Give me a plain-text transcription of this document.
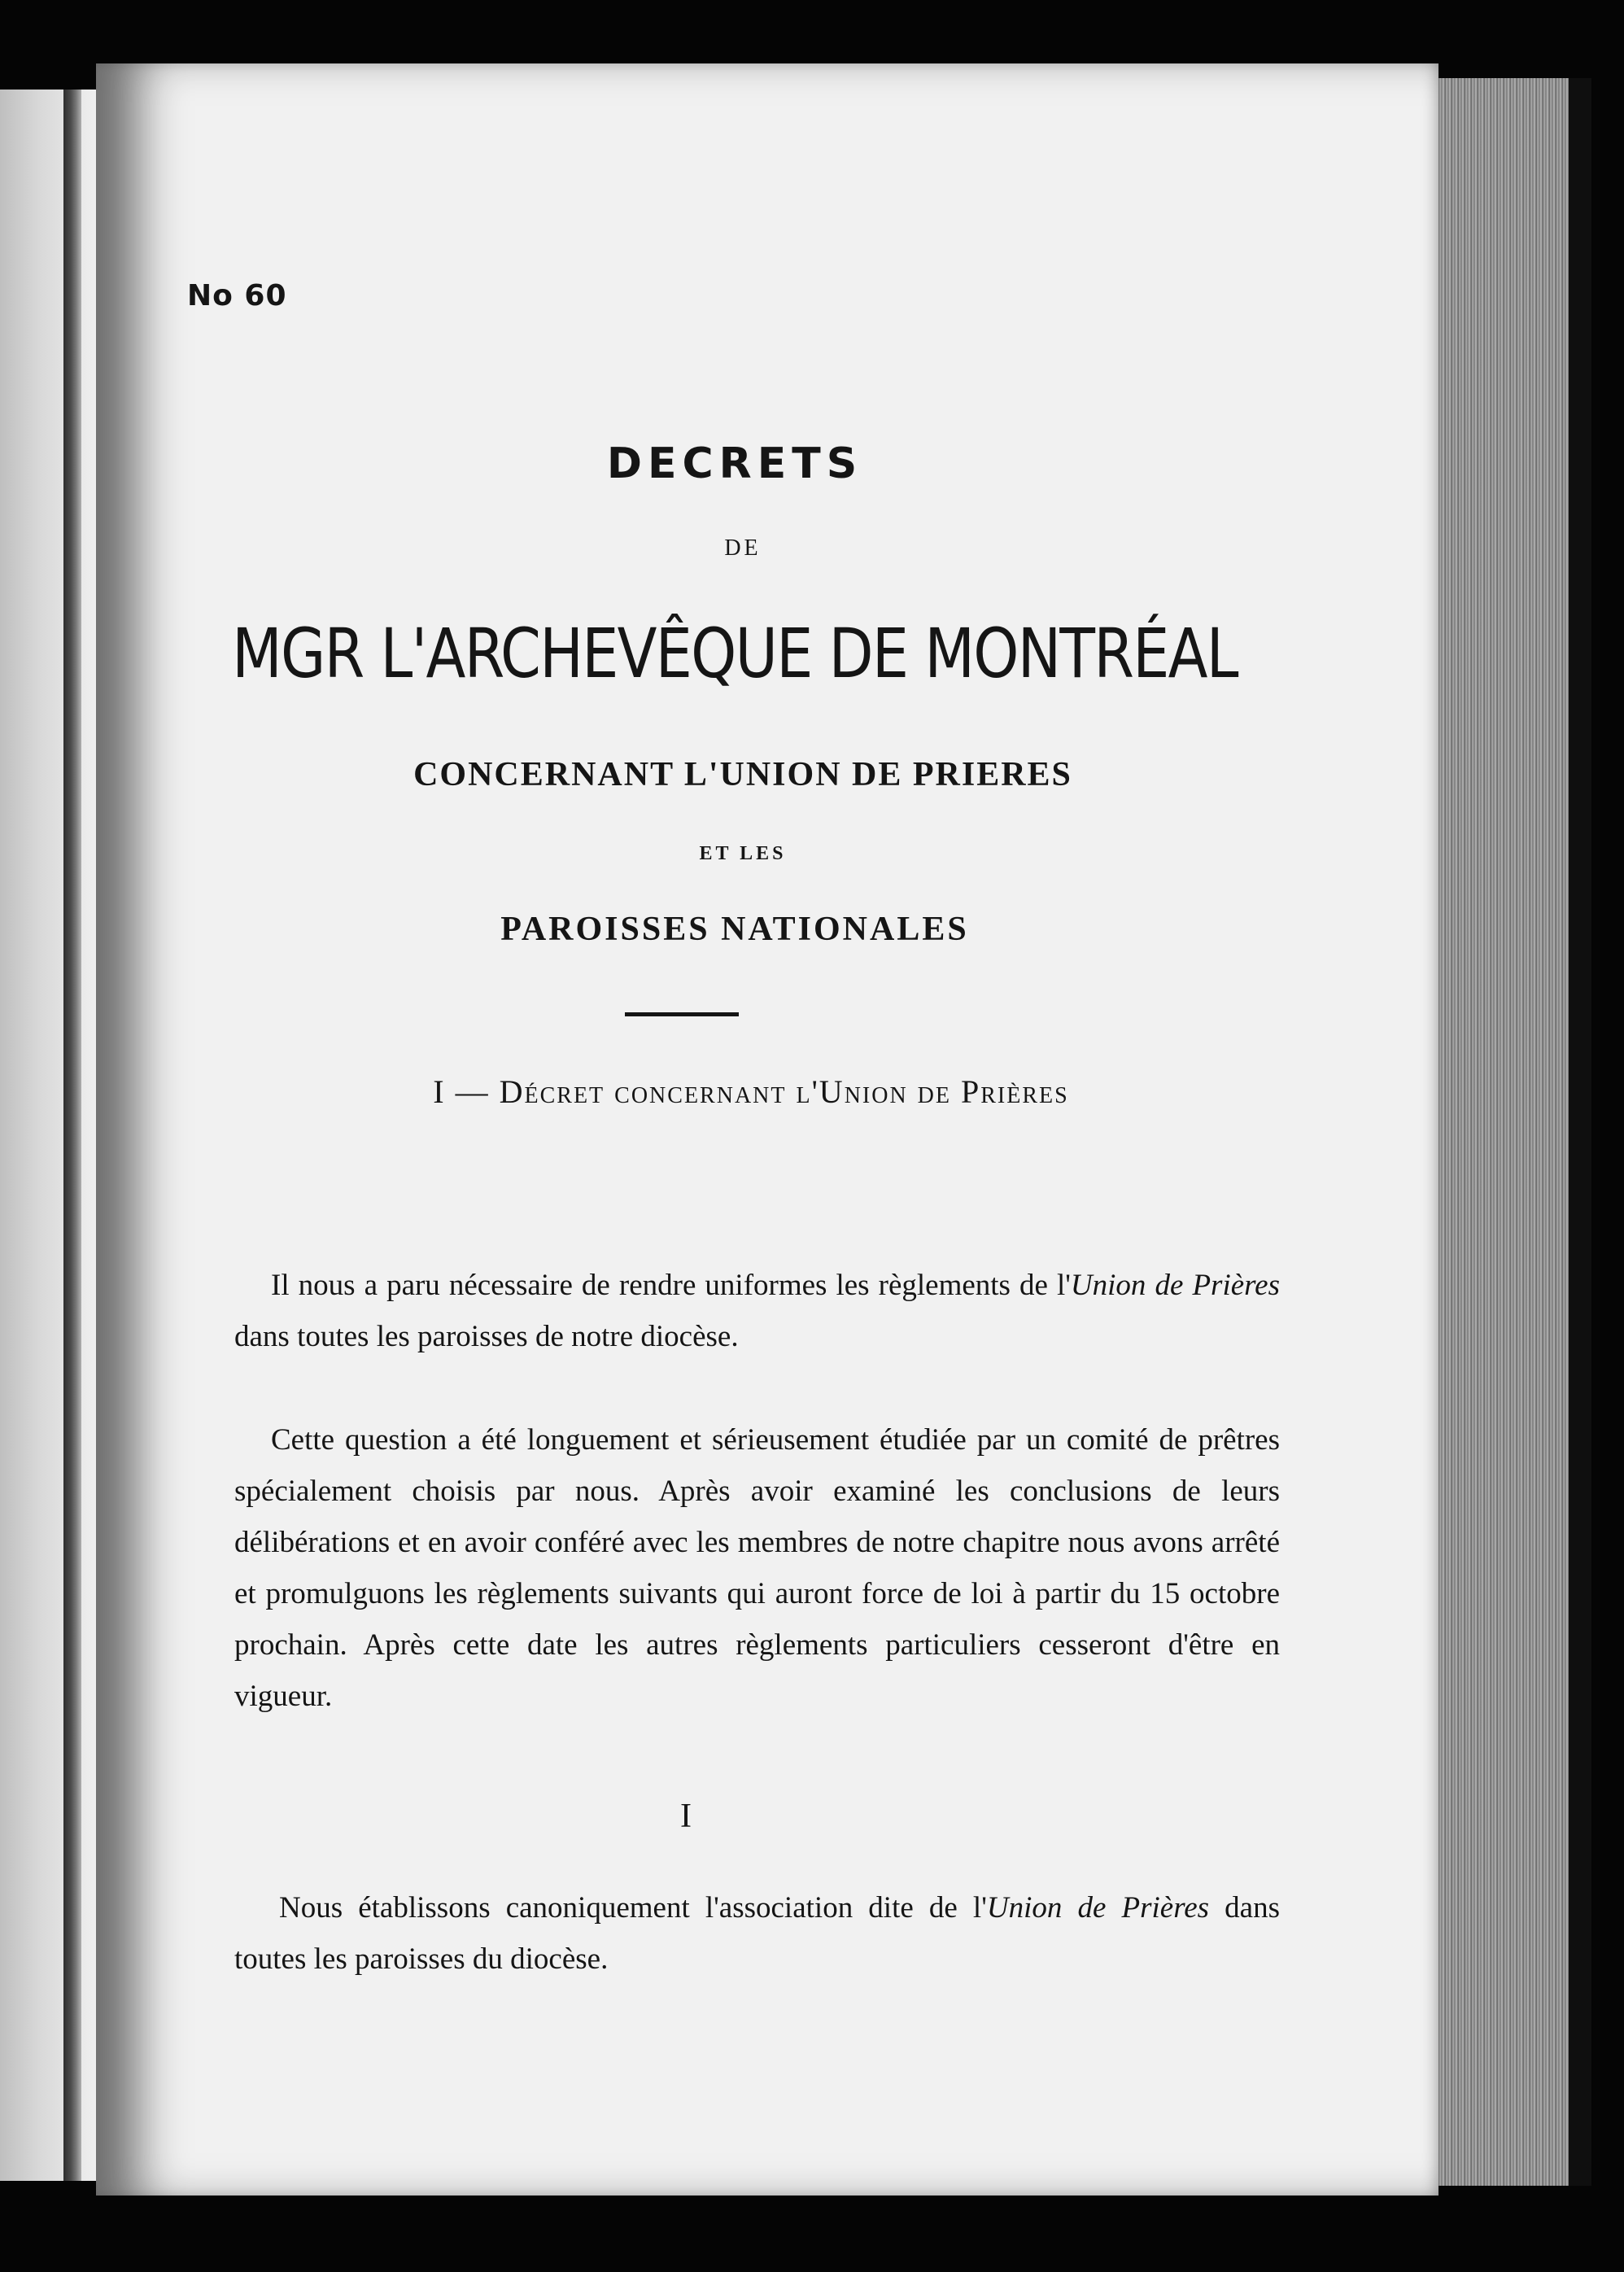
No 60
DECRETS
DE
MGR L'ARCHEVÊQUE DE MONTRÉAL
CONCERNANT L'UNION DE PRIERES
ET LES
PAROISSES NATIONALES
I — Décret concernant l'Union de Prières
Il nous a paru nécessaire de rendre uniformes les règlements de l'Union de Prières dans toutes les paroisses de notre diocèse.
Cette question a été longuement et sérieusement étudiée par un comité de prêtres spécialement choisis par nous. Après avoir examiné les conclusions de leurs délibérations et en avoir conféré avec les membres de notre chapitre nous avons arrêté et promulguons les règlements suivants qui auront force de loi à partir du 15 octobre prochain. Après cette date les autres règlements particuliers cesseront d'être en vigueur.
I
Nous établissons canoniquement l'association dite de l'Union de Prières dans toutes les paroisses du diocèse.
